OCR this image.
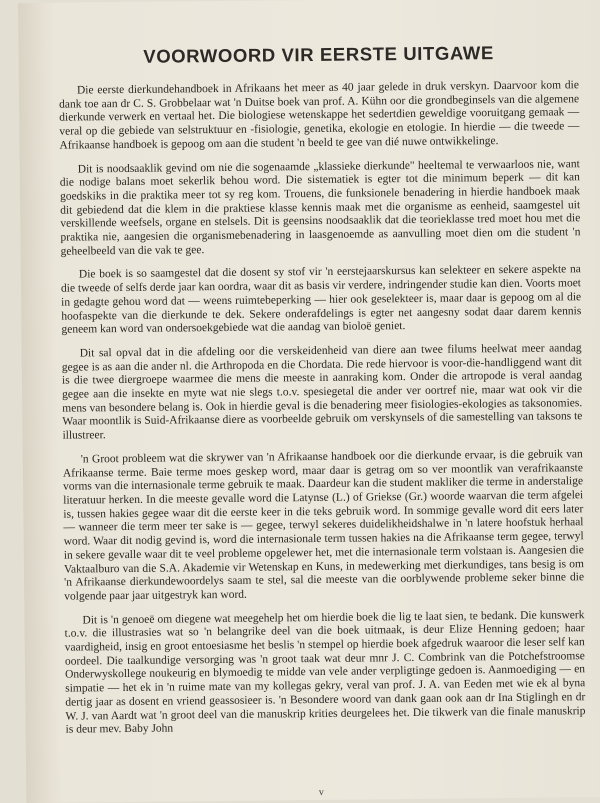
VOORWOORD VIR EERSTE UITGAWE

Die eerste dierkundehandboek in Afrikaans het meer as 40 jaar gelede in druk verskyn. Daarvoor kom die dank toe aan dr C. S. Grobbelaar wat 'n Duitse boek van prof. A. Kühn oor die grondbeginsels van die algemene dierkunde verwerk en vertaal het. Die biologiese wetenskappe het sedertdien geweldige vooruitgang gemaak — veral op die gebiede van selstruktuur en -fisiologie, genetika, ekologie en etologie. In hierdie — die tweede — Afrikaanse handboek is gepoog om aan die student 'n beeld te gee van dié nuwe ontwikkelinge.

Dit is noodsaaklik gevind om nie die sogenaamde „klassieke dierkunde" heeltemal te verwaarloos nie, want die nodige balans moet sekerlik behou word. Die sistematiek is egter tot die minimum beperk — dit kan goedskiks in die praktika meer tot sy reg kom. Trouens, die funksionele benadering in hierdie handboek maak dit gebiedend dat die klem in die praktiese klasse kennis maak met die organisme as eenheid, saamgestel uit verskillende weefsels, organe en stelsels. Dit is geensins noodsaaklik dat die teorieklasse tred moet hou met die praktika nie, aangesien die organismebenadering in laasgenoemde as aanvulling moet dien om die student 'n geheelbeeld van die vak te gee.

Die boek is so saamgestel dat die dosent sy stof vir 'n eerstejaarskursus kan selekteer en sekere aspekte na die tweede of selfs derde jaar kan oordra, waar dit as basis vir verdere, indringender studie kan dien. Voorts moet in gedagte gehou word dat — weens ruimtebeperking — hier ook geselekteer is, maar daar is gepoog om al die hoofaspekte van die dierkunde te dek. Sekere onderafdelings is egter net aangesny sodat daar darem kennis geneem kan word van ondersoekgebiede wat die aandag van bioloë geniet.

Dit sal opval dat in die afdeling oor die verskeidenheid van diere aan twee filums heelwat meer aandag gegee is as aan die ander nl. die Arthropoda en die Chordata. Die rede hiervoor is voor-die-handliggend want dit is die twee diergroepe waarmee die mens die meeste in aanraking kom. Onder die artropode is veral aandag gegee aan die insekte en myte wat nie slegs t.o.v. spesiegetal die ander ver oortref nie, maar wat ook vir die mens van besondere belang is. Ook in hierdie geval is die benadering meer fisiologies-ekologies as taksonomies. Waar moontlik is Suid-Afrikaanse diere as voorbeelde gebruik om verskynsels of die samestelling van taksons te illustreer.

'n Groot probleem wat die skrywer van 'n Afrikaanse handboek oor die dierkunde ervaar, is die gebruik van Afrikaanse terme. Baie terme moes geskep word, maar daar is getrag om so ver moontlik van verafrikaanste vorms van die internasionale terme gebruik te maak. Daardeur kan die student makliker die terme in anderstalige literatuur herken. In die meeste gevalle word die Latynse (L.) of Griekse (Gr.) woorde waarvan die term afgelei is, tussen hakies gegee waar dit die eerste keer in die teks gebruik word. In sommige gevalle word dit eers later — wanneer die term meer ter sake is — gegee, terwyl sekeres duidelikheidshalwe in 'n latere hoofstuk herhaal word. Waar dit nodig gevind is, word die internasionale term tussen hakies na die Afrikaanse term gegee, terwyl in sekere gevalle waar dit te veel probleme opgelewer het, met die internasionale term volstaan is. Aangesien die Vaktaalburo van die S.A. Akademie vir Wetenskap en Kuns, in medewerking met dierkundiges, tans besig is om 'n Afrikaanse dierkundewoordelys saam te stel, sal die meeste van die oorblywende probleme seker binne die volgende paar jaar uitgestryk kan word.

Dit is 'n genoeë om diegene wat meegehelp het om hierdie boek die lig te laat sien, te bedank. Die kunswerk t.o.v. die illustrasies wat so 'n belangrike deel van die boek uitmaak, is deur Elize Henning gedoen; haar vaardigheid, insig en groot entoesiasme het beslis 'n stempel op hierdie boek afgedruk waaroor die leser self kan oordeel. Die taalkundige versorging was 'n groot taak wat deur mnr J. C. Combrink van die Potchefstroomse Onderwyskollege noukeurig en blymoedig te midde van vele ander verpligtinge gedoen is. Aanmoediging — en simpatie — het ek in 'n ruime mate van my kollegas gekry, veral van prof. J. A. van Eeden met wie ek al byna dertig jaar as dosent en vriend geassosieer is. 'n Besondere woord van dank gaan ook aan dr Ina Stiglingh en dr W. J. van Aardt wat 'n groot deel van die manuskrip krities deurgelees het. Die tikwerk van die finale manuskrip is deur mev. Baby John

v
